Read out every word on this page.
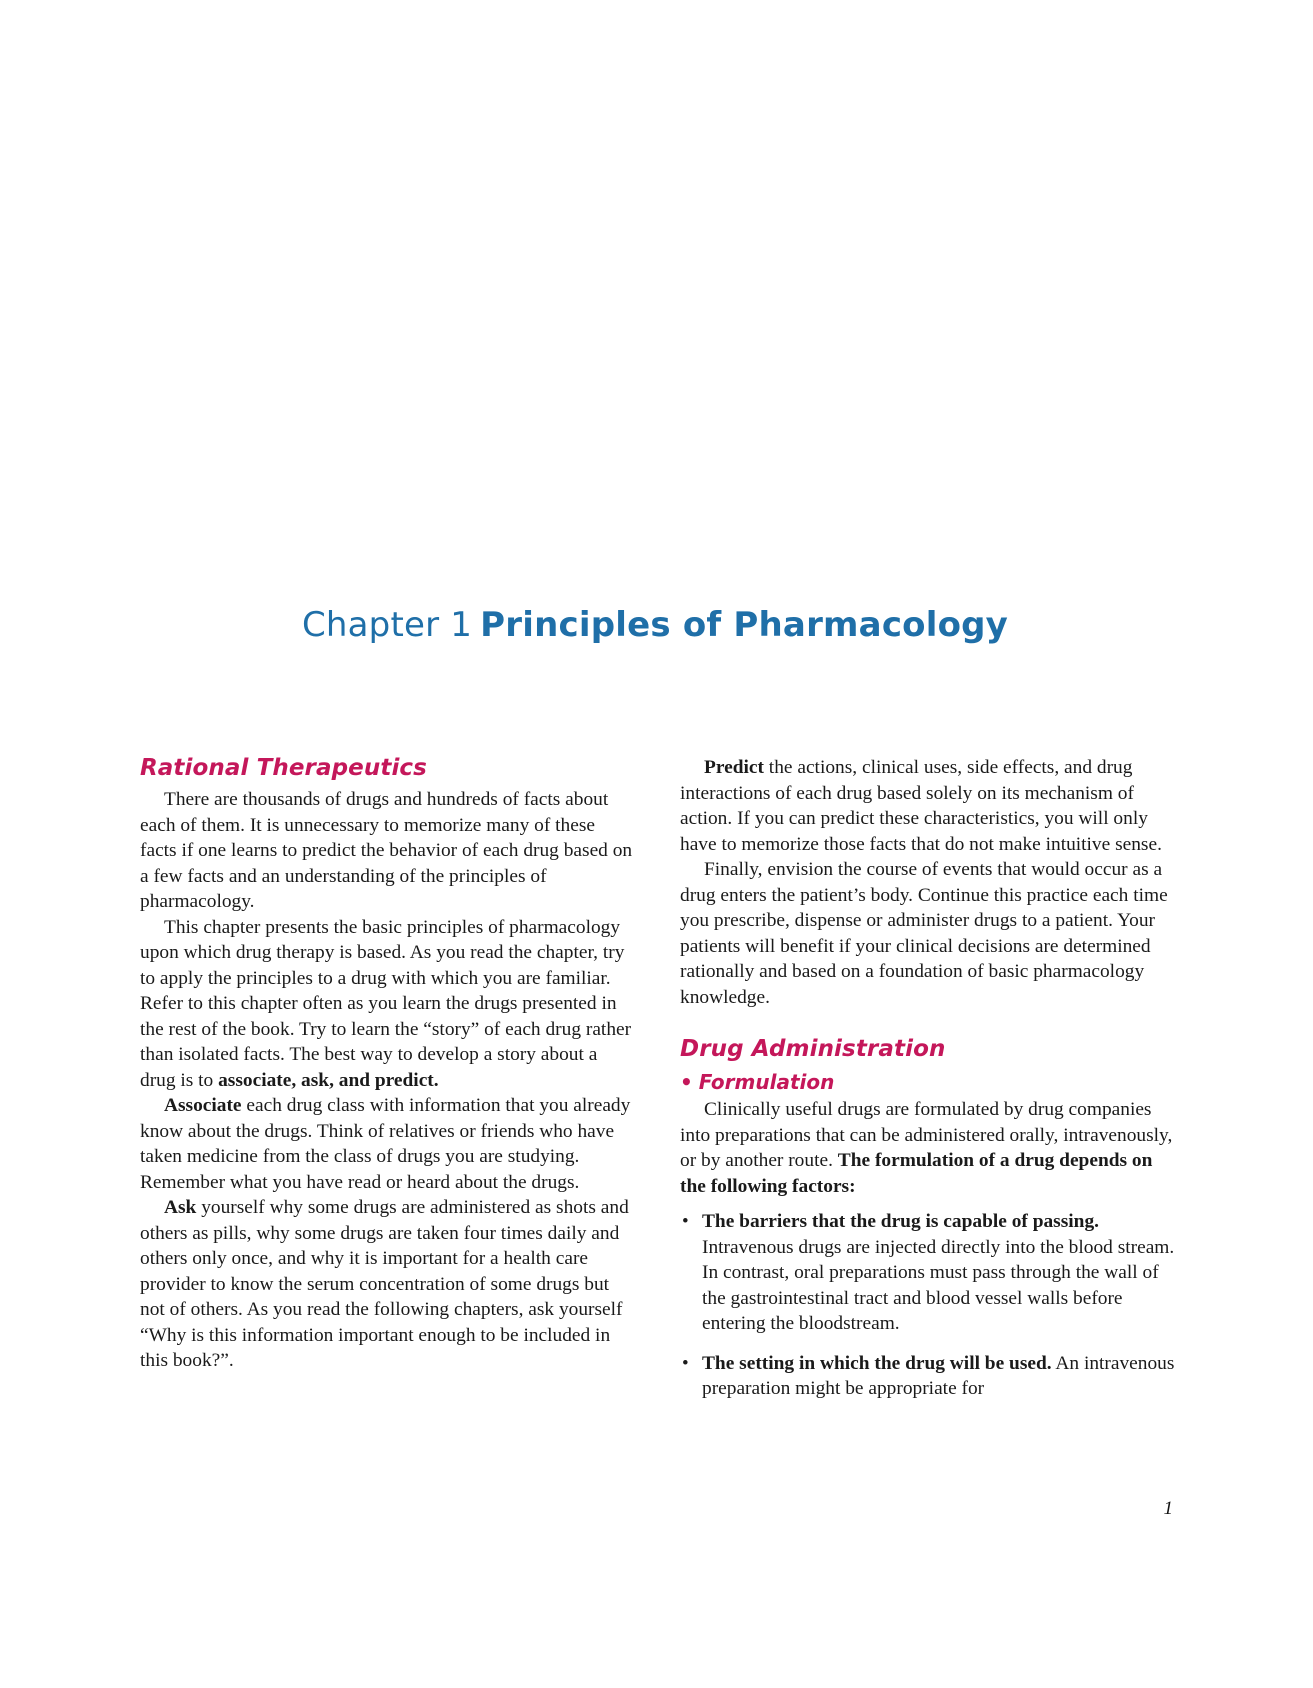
Chapter 1 Principles of Pharmacology
Rational Therapeutics

There are thousands of drugs and hundreds of facts about each of them. It is unnecessary to memorize many of these facts if one learns to predict the behavior of each drug based on a few facts and an understanding of the principles of pharmacology.

This chapter presents the basic principles of pharmacology upon which drug therapy is based. As you read the chapter, try to apply the principles to a drug with which you are familiar. Refer to this chapter often as you learn the drugs presented in the rest of the book. Try to learn the “story” of each drug rather than isolated facts. The best way to develop a story about a drug is to associate, ask, and predict.

Associate each drug class with information that you already know about the drugs. Think of relatives or friends who have taken medicine from the class of drugs you are studying. Remember what you have read or heard about the drugs.

Ask yourself why some drugs are administered as shots and others as pills, why some drugs are taken four times daily and others only once, and why it is important for a health care provider to know the serum concentration of some drugs but not of others. As you read the following chapters, ask yourself “Why is this information important enough to be included in this book?”.

Predict the actions, clinical uses, side effects, and drug interactions of each drug based solely on its mechanism of action. If you can predict these characteristics, you will only have to memorize those facts that do not make intuitive sense.

Finally, envision the course of events that would occur as a drug enters the patient’s body. Continue this practice each time you prescribe, dispense or administer drugs to a patient. Your patients will benefit if your clinical decisions are determined rationally and based on a foundation of basic pharmacology knowledge.

Drug Administration
• Formulation

Clinically useful drugs are formulated by drug companies into preparations that can be administered orally, intravenously, or by another route. The formulation of a drug depends on the following factors:

• The barriers that the drug is capable of passing. Intravenous drugs are injected directly into the blood stream. In contrast, oral preparations must pass through the wall of the gastrointestinal tract and blood vessel walls before entering the bloodstream.
• The setting in which the drug will be used. An intravenous preparation might be appropriate for
1
